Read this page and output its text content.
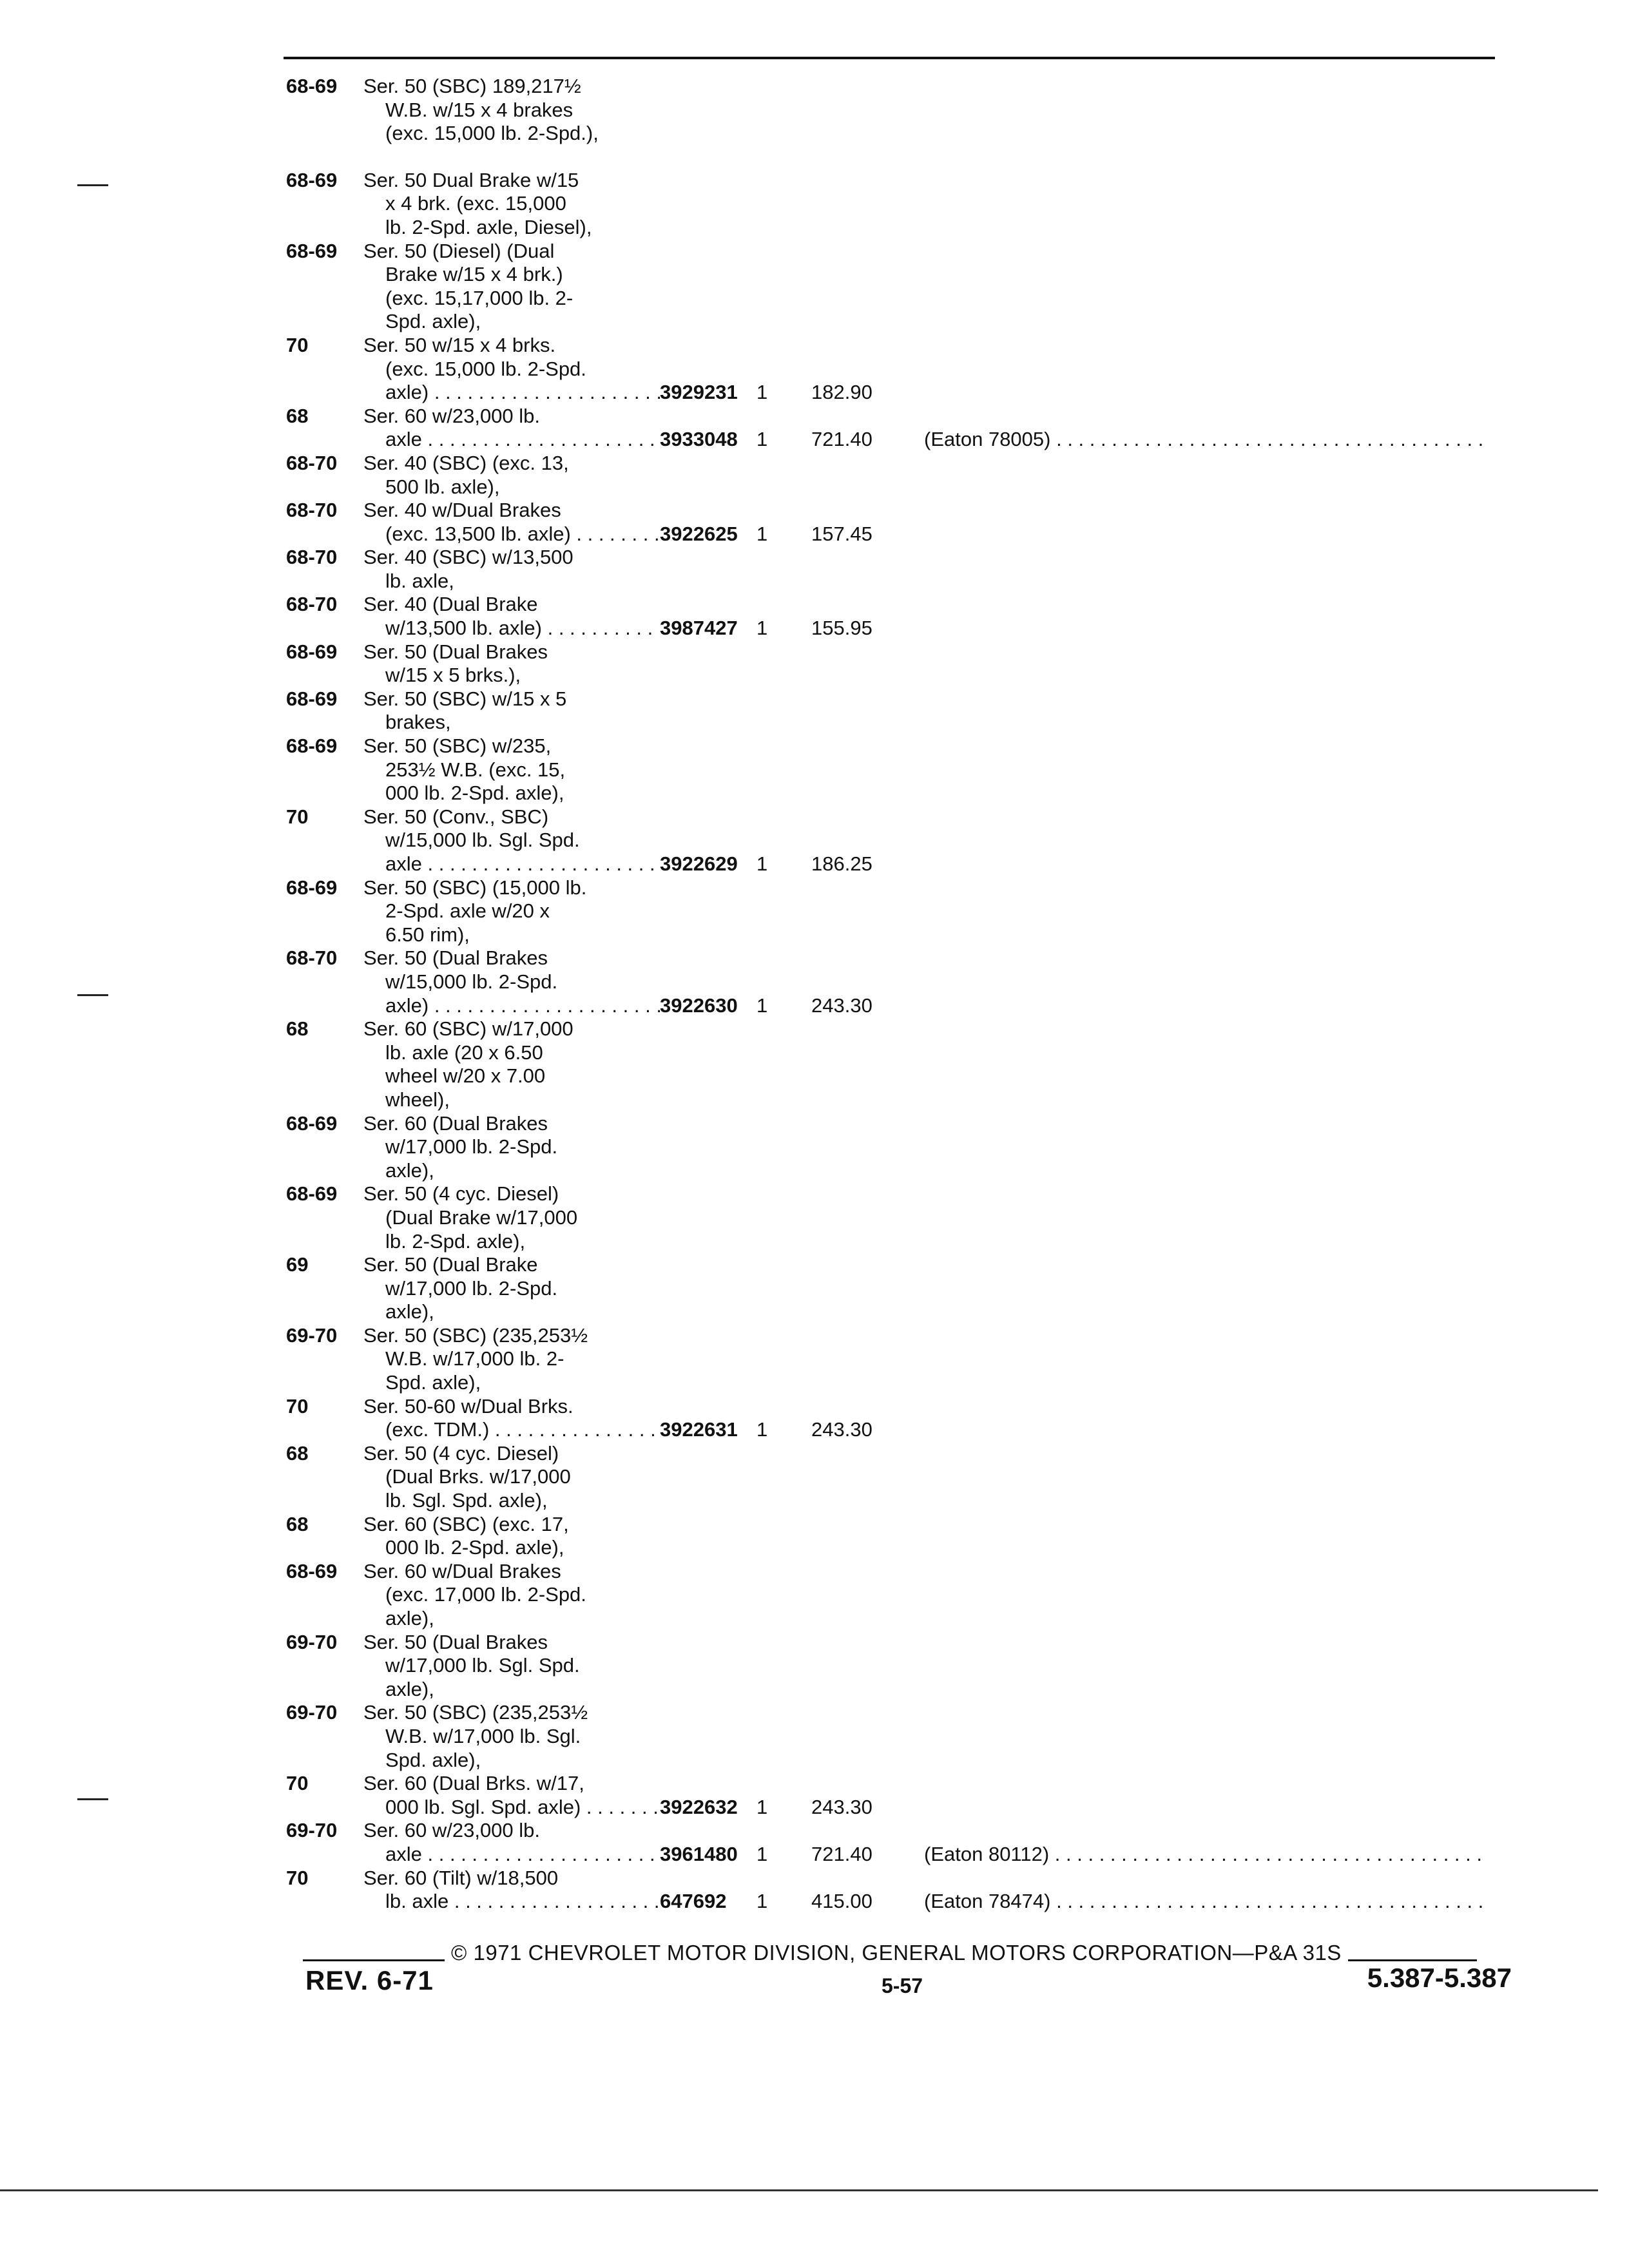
68-69	Ser. 50 (SBC) 189,217½
W.B. w/15 x 4 brakes
(exc. 15,000 lb. 2-Spd.),
68-69	Ser. 50 Dual Brake w/15
x 4 brk. (exc. 15,000
lb. 2-Spd. axle, Diesel),
68-69	Ser. 50 (Diesel) (Dual
Brake w/15 x 4 brk.)
(exc. 15,17,000 lb. 2-
Spd. axle),
70	Ser. 50 w/15 x 4 brks.
(exc. 15,000 lb. 2-Spd.
axle) . . .	3929231 1	182.90
68	Ser. 60 w/23,000 lb.
axle . . .	3933048 1	721.40	(Eaton 78005) . . .
68-70	Ser. 40 (SBC) (exc. 13,
500 lb. axle),
68-70	Ser. 40 w/Dual Brakes
(exc. 13,500 lb. axle) . . .	3922625 1	157.45
68-70	Ser. 40 (SBC) w/13,500
lb. axle,
68-70	Ser. 40 (Dual Brake
w/13,500 lb. axle) . . .	3987427 1	155.95
68-69	Ser. 50 (Dual Brakes
w/15 x 5 brks.),
68-69	Ser. 50 (SBC) w/15 x 5
brakes,
68-69	Ser. 50 (SBC) w/235,
253½ W.B. (exc. 15,
000 lb. 2-Spd. axle),
70	Ser. 50 (Conv., SBC)
w/15,000 lb. Sgl. Spd.
axle . . .	3922629 1	186.25
68-69	Ser. 50 (SBC) (15,000 lb.
2-Spd. axle w/20 x
6.50 rim),
68-70	Ser. 50 (Dual Brakes
w/15,000 lb. 2-Spd.
axle) . . .	3922630 1	243.30
68	Ser. 60 (SBC) w/17,000
lb. axle (20 x 6.50
wheel w/20 x 7.00
wheel),
68-69	Ser. 60 (Dual Brakes
w/17,000 lb. 2-Spd.
axle),
68-69	Ser. 50 (4 cyc. Diesel)
(Dual Brake w/17,000
lb. 2-Spd. axle),
69	Ser. 50 (Dual Brake
w/17,000 lb. 2-Spd.
axle),
69-70	Ser. 50 (SBC) (235,253½
W.B. w/17,000 lb. 2-
Spd. axle),
70	Ser. 50-60 w/Dual Brks.
(exc. TDM.) . . .	3922631 1	243.30
68	Ser. 50 (4 cyc. Diesel)
(Dual Brks. w/17,000
lb. Sgl. Spd. axle),
68	Ser. 60 (SBC) (exc. 17,
000 lb. 2-Spd. axle),
68-69	Ser. 60 w/Dual Brakes
(exc. 17,000 lb. 2-Spd.
axle),
69-70	Ser. 50 (Dual Brakes
w/17,000 lb. Sgl. Spd.
axle),
69-70	Ser. 50 (SBC) (235,253½
W.B. w/17,000 lb. Sgl.
Spd. axle),
70	Ser. 60 (Dual Brks. w/17,
000 lb. Sgl. Spd. axle) . . .	3922632 1	243.30
69-70	Ser. 60 w/23,000 lb.
axle . . .	3961480 1	721.40	(Eaton 80112) . . .
70	Ser. 60 (Tilt) w/18,500
lb. axle . . .	647692	1	415.00	(Eaton 78474) . . .
© 1971 CHEVROLET MOTOR DIVISION, GENERAL MOTORS CORPORATION—P&A 31S
REV. 6-71	5-57	5.387-5.387
